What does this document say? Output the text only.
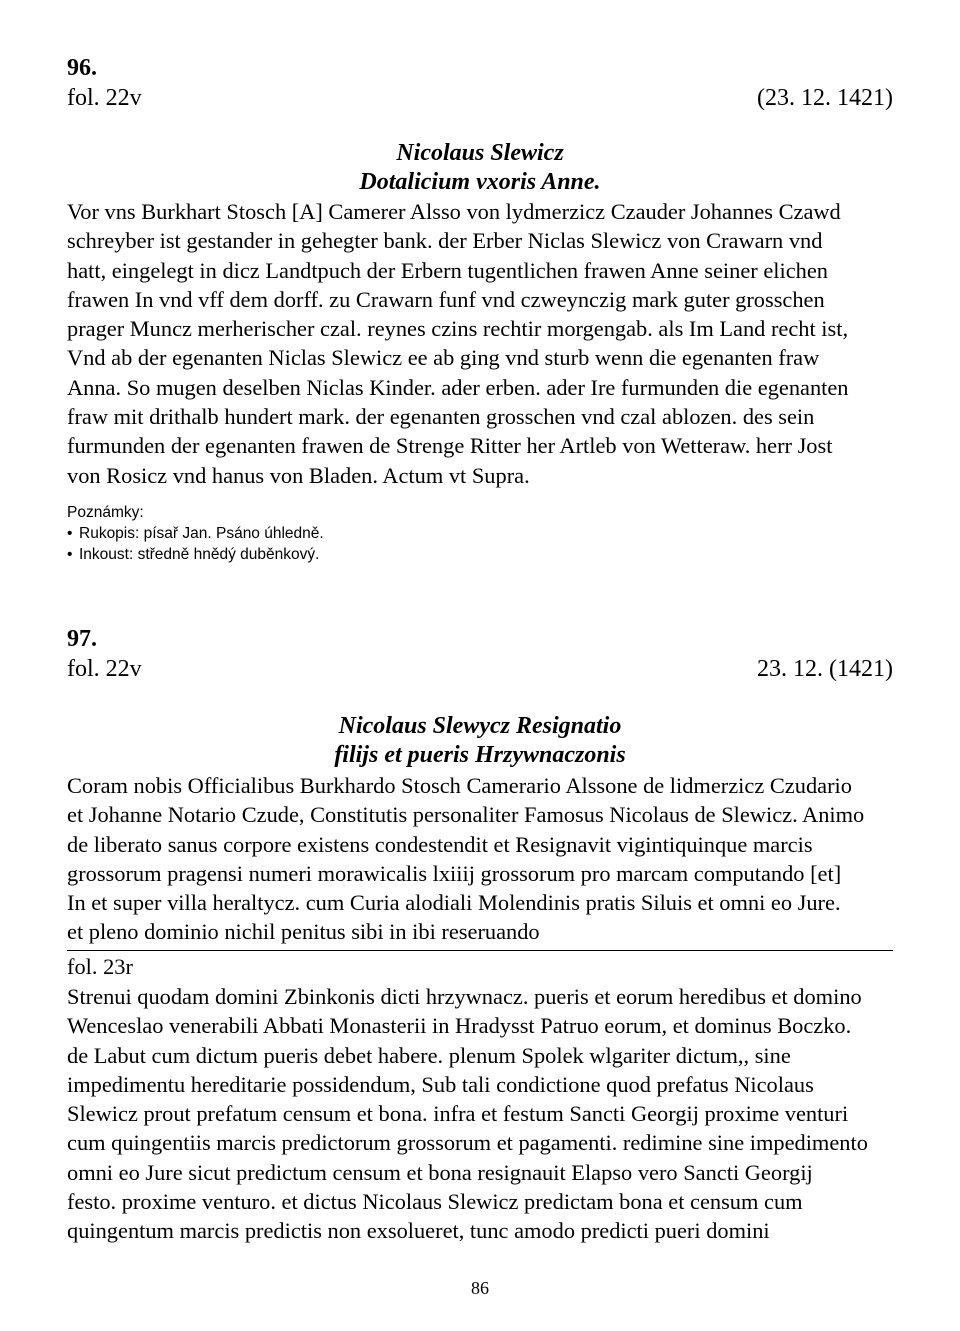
96.
fol. 22v	(23. 12. 1421)
Nicolaus Slewicz
Dotalicium vxoris Anne.
Vor vns Burkhart Stosch [A] Camerer Alsso von lydmerzicz Czauder Johannes Czawd
schreyber ist gestander in gehegter bank. der Erber Niclas Slewicz von Crawarn vnd
hatt, eingelegt in dicz Landtpuch der Erbern tugentlichen frawen Anne seiner elichen
frawen In vnd vff dem dorff. zu Crawarn funf vnd czweynczig mark guter grosschen
prager Muncz merherischer czal. reynes czins rechtir morgengab. als Im Land recht ist,
Vnd ab der egenanten Niclas Slewicz ee ab ging vnd sturb wenn die egenanten fraw
Anna. So mugen deselben Niclas Kinder. ader erben. ader Ire furmunden die egenanten
fraw mit drithalb hundert mark. der egenanten grosschen vnd czal ablozen. des sein
furmunden der egenanten frawen de Strenge Ritter her Artleb von Wetteraw. herr Jost
von Rosicz vnd hanus von Bladen. Actum vt Supra.
Poznámky:
• Rukopis: písař Jan. Psáno úhledně.
• Inkoust: středně hnědý duběnkový.
97.
fol. 22v	23. 12. (1421)
Nicolaus Slewycz Resignatio
filijs et pueris Hrzywnaczonis
Coram nobis Officialibus Burkhardo Stosch Camerario Alssone de lidmerzicz Czudario
et Johanne Notario Czude, Constitutis personaliter Famosus Nicolaus de Slewicz. Animo
de liberato sanus corpore existens condestendit et Resignavit vigintiquinque marcis
grossorum pragensi numeri morawicalis lxiiij grossorum pro marcam computando [et]
In et super villa heraltycz. cum Curia alodiali Molendinis pratis Siluis et omni eo Jure.
et pleno dominio nichil penitus sibi in ibi reseruando
fol. 23r
Strenui quodam domini Zbinkonis dicti hrzywnacz. pueris et eorum heredibus et domino
Wenceslao venerabili Abbati Monasterii in Hradysst Patruo eorum, et dominus Boczko.
de Labut cum dictum pueris debet habere. plenum Spolek wlgariter dictum,, sine
impedimentu hereditarie possidendum, Sub tali condictione quod prefatus Nicolaus
Slewicz prout prefatum censum et bona. infra et festum Sancti Georgij proxime venturi
cum quingentiis marcis predictorum grossorum et pagamenti. redimine sine impedimento
omni eo Jure sicut predictum censum et bona resignauit Elapso vero Sancti Georgij
festo. proxime venturo. et dictus Nicolaus Slewicz predictam bona et censum cum
quingentum marcis predictis non exsolueret, tunc amodo predicti pueri domini
86
